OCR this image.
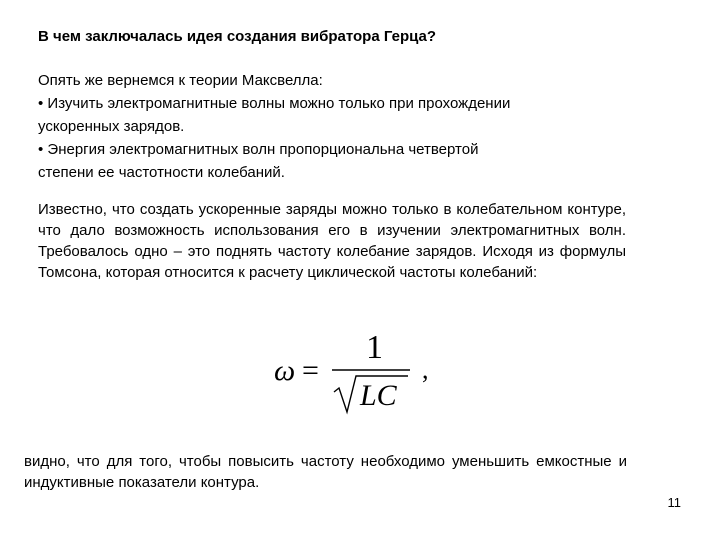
В чем заключалась идея создания вибратора Герца?
Опять же вернемся к теории Максвелла:
• Изучить электромагнитные волны можно только при прохождении
ускоренных зарядов.
• Энергия электромагнитных волн пропорциональна четвертой
степени ее частотности колебаний.
Известно, что создать ускоренные заряды можно только в колебательном контуре, что дало возможность использования его в изучении электромагнитных волн. Требовалось одно – это поднять частоту колебание зарядов. Исходя из формулы Томсона, которая относится к расчету циклической частоты колебаний:
ω =
1
LC
,
видно, что для того, чтобы повысить частоту необходимо уменьшить емкостные и индуктивные показатели контура.
11
